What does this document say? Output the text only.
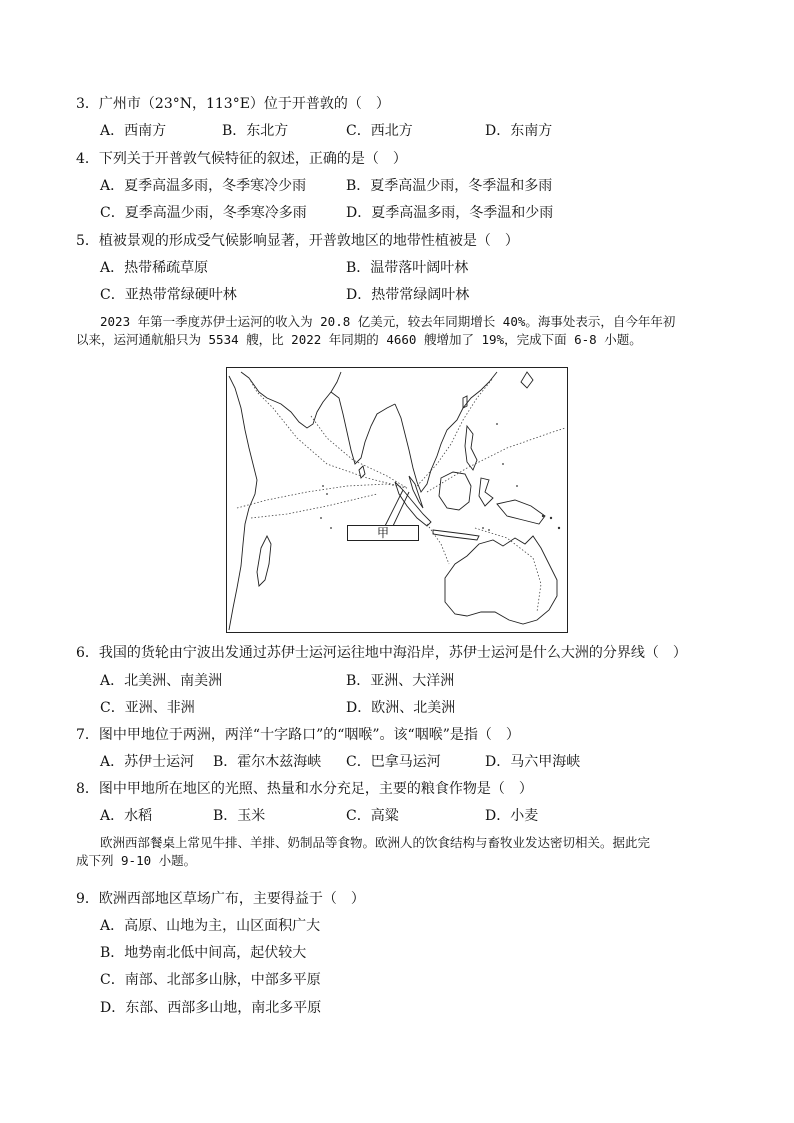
3．广州市（23°N，113°E）位于开普敦的（　）
A．西南方	B．东北方	C．西北方	D．东南方
4．下列关于开普敦气候特征的叙述，正确的是（　）
A．夏季高温多雨，冬季寒冷少雨	B．夏季高温少雨，冬季温和多雨
C．夏季高温少雨，冬季寒冷多雨	D．夏季高温多雨，冬季温和少雨
5．植被景观的形成受气候影响显著，开普敦地区的地带性植被是（　）
A．热带稀疏草原	B．温带落叶阔叶林
C．亚热带常绿硬叶林	D．热带常绿阔叶林
2023 年第一季度苏伊士运河的收入为 20.8 亿美元，较去年同期增长 40%。海事处表示，自今年年初
以来，运河通航船只为 5534 艘，比 2022 年同期的 4660 艘增加了 19%，完成下面 6-8 小题。
甲
6．我国的货轮由宁波出发通过苏伊士运河运往地中海沿岸，苏伊士运河是什么大洲的分界线（　）
A．北美洲、南美洲	B．亚洲、大洋洲
C．亚洲、非洲	D．欧洲、北美洲
7．图中甲地位于两洲，两洋“十字路口”的“咽喉”。该“咽喉”是指（　）
A．苏伊士运河 B．霍尔木兹海峡 C．巴拿马运河	D．马六甲海峡
8．图中甲地所在地区的光照、热量和水分充足，主要的粮食作物是（　）
A．水稻	B．玉米	C．高粱	D．小麦
欧洲西部餐桌上常见牛排、羊排、奶制品等食物。欧洲人的饮食结构与畜牧业发达密切相关。据此完
成下列 9-10 小题。
9．欧洲西部地区草场广布，主要得益于（　）
A．高原、山地为主，山区面积广大
B．地势南北低中间高，起伏较大
C．南部、北部多山脉，中部多平原
D．东部、西部多山地，南北多平原
